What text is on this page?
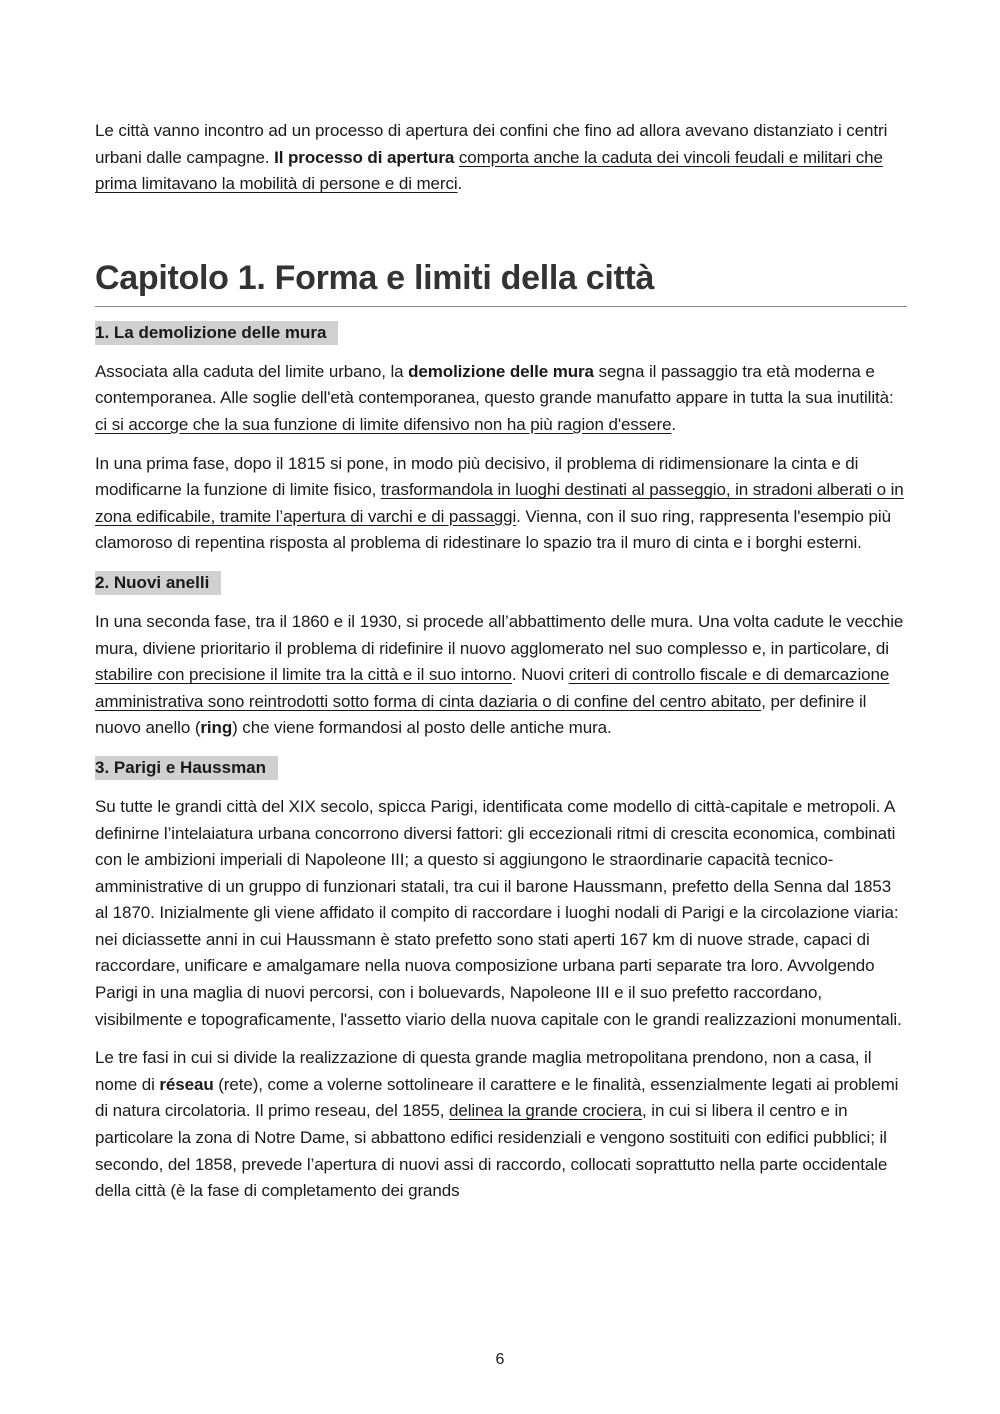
Le città vanno incontro ad un processo di apertura dei confini che fino ad allora avevano distanziato i centri urbani dalle campagne. Il processo di apertura comporta anche la caduta dei vincoli feudali e militari che prima limitavano la mobilità di persone e di merci.

Capitolo 1. Forma e limiti della città
1. La demolizione delle mura

Associata alla caduta del limite urbano, la demolizione delle mura segna il passaggio tra età moderna e contemporanea. Alle soglie dell'età contemporanea, questo grande manufatto appare in tutta la sua inutilità: ci si accorge che la sua funzione di limite difensivo non ha più ragion d'essere.

In una prima fase, dopo il 1815 si pone, in modo più decisivo, il problema di ridimensionare la cinta e di modificarne la funzione di limite fisico, trasformandola in luoghi destinati al passeggio, in stradoni alberati o in zona edificabile, tramite l’apertura di varchi e di passaggi. Vienna, con il suo ring, rappresenta l'esempio più clamoroso di repentina risposta al problema di ridestinare lo spazio tra il muro di cinta e i borghi esterni.

2. Nuovi anelli

In una seconda fase, tra il 1860 e il 1930, si procede all’abbattimento delle mura. Una volta cadute le vecchie mura, diviene prioritario il problema di ridefinire il nuovo agglomerato nel suo complesso e, in particolare, di stabilire con precisione il limite tra la città e il suo intorno. Nuovi criteri di controllo fiscale e di demarcazione amministrativa sono reintrodotti sotto forma di cinta daziaria o di confine del centro abitato, per definire il nuovo anello (ring) che viene formandosi al posto delle antiche mura.

3. Parigi e Haussman

Su tutte le grandi città del XIX secolo, spicca Parigi, identificata come modello di città-capitale e metropoli. A definirne l’intelaiatura urbana concorrono diversi fattori: gli eccezionali ritmi di crescita economica, combinati con le ambizioni imperiali di Napoleone III; a questo si aggiungono le straordinarie capacità tecnico-amministrative di un gruppo di funzionari statali, tra cui il barone Haussmann, prefetto della Senna dal 1853 al 1870. Inizialmente gli viene affidato il compito di raccordare i luoghi nodali di Parigi e la circolazione viaria: nei diciassette anni in cui Haussmann è stato prefetto sono stati aperti 167 km di nuove strade, capaci di raccordare, unificare e amalgamare nella nuova composizione urbana parti separate tra loro. Avvolgendo Parigi in una maglia di nuovi percorsi, con i boluevards, Napoleone III e il suo prefetto raccordano, visibilmente e topograficamente, l'assetto viario della nuova capitale con le grandi realizzazioni monumentali.

Le tre fasi in cui si divide la realizzazione di questa grande maglia metropolitana prendono, non a casa, il nome di réseau (rete), come a volerne sottolineare il carattere e le finalità, essenzialmente legati ai problemi di natura circolatoria. Il primo reseau, del 1855, delinea la grande crociera, in cui si libera il centro e in particolare la zona di Notre Dame, si abbattono edifici residenziali e vengono sostituiti con edifici pubblici; il secondo, del 1858, prevede l’apertura di nuovi assi di raccordo, collocati soprattutto nella parte occidentale della città (è la fase di completamento dei grands

6
